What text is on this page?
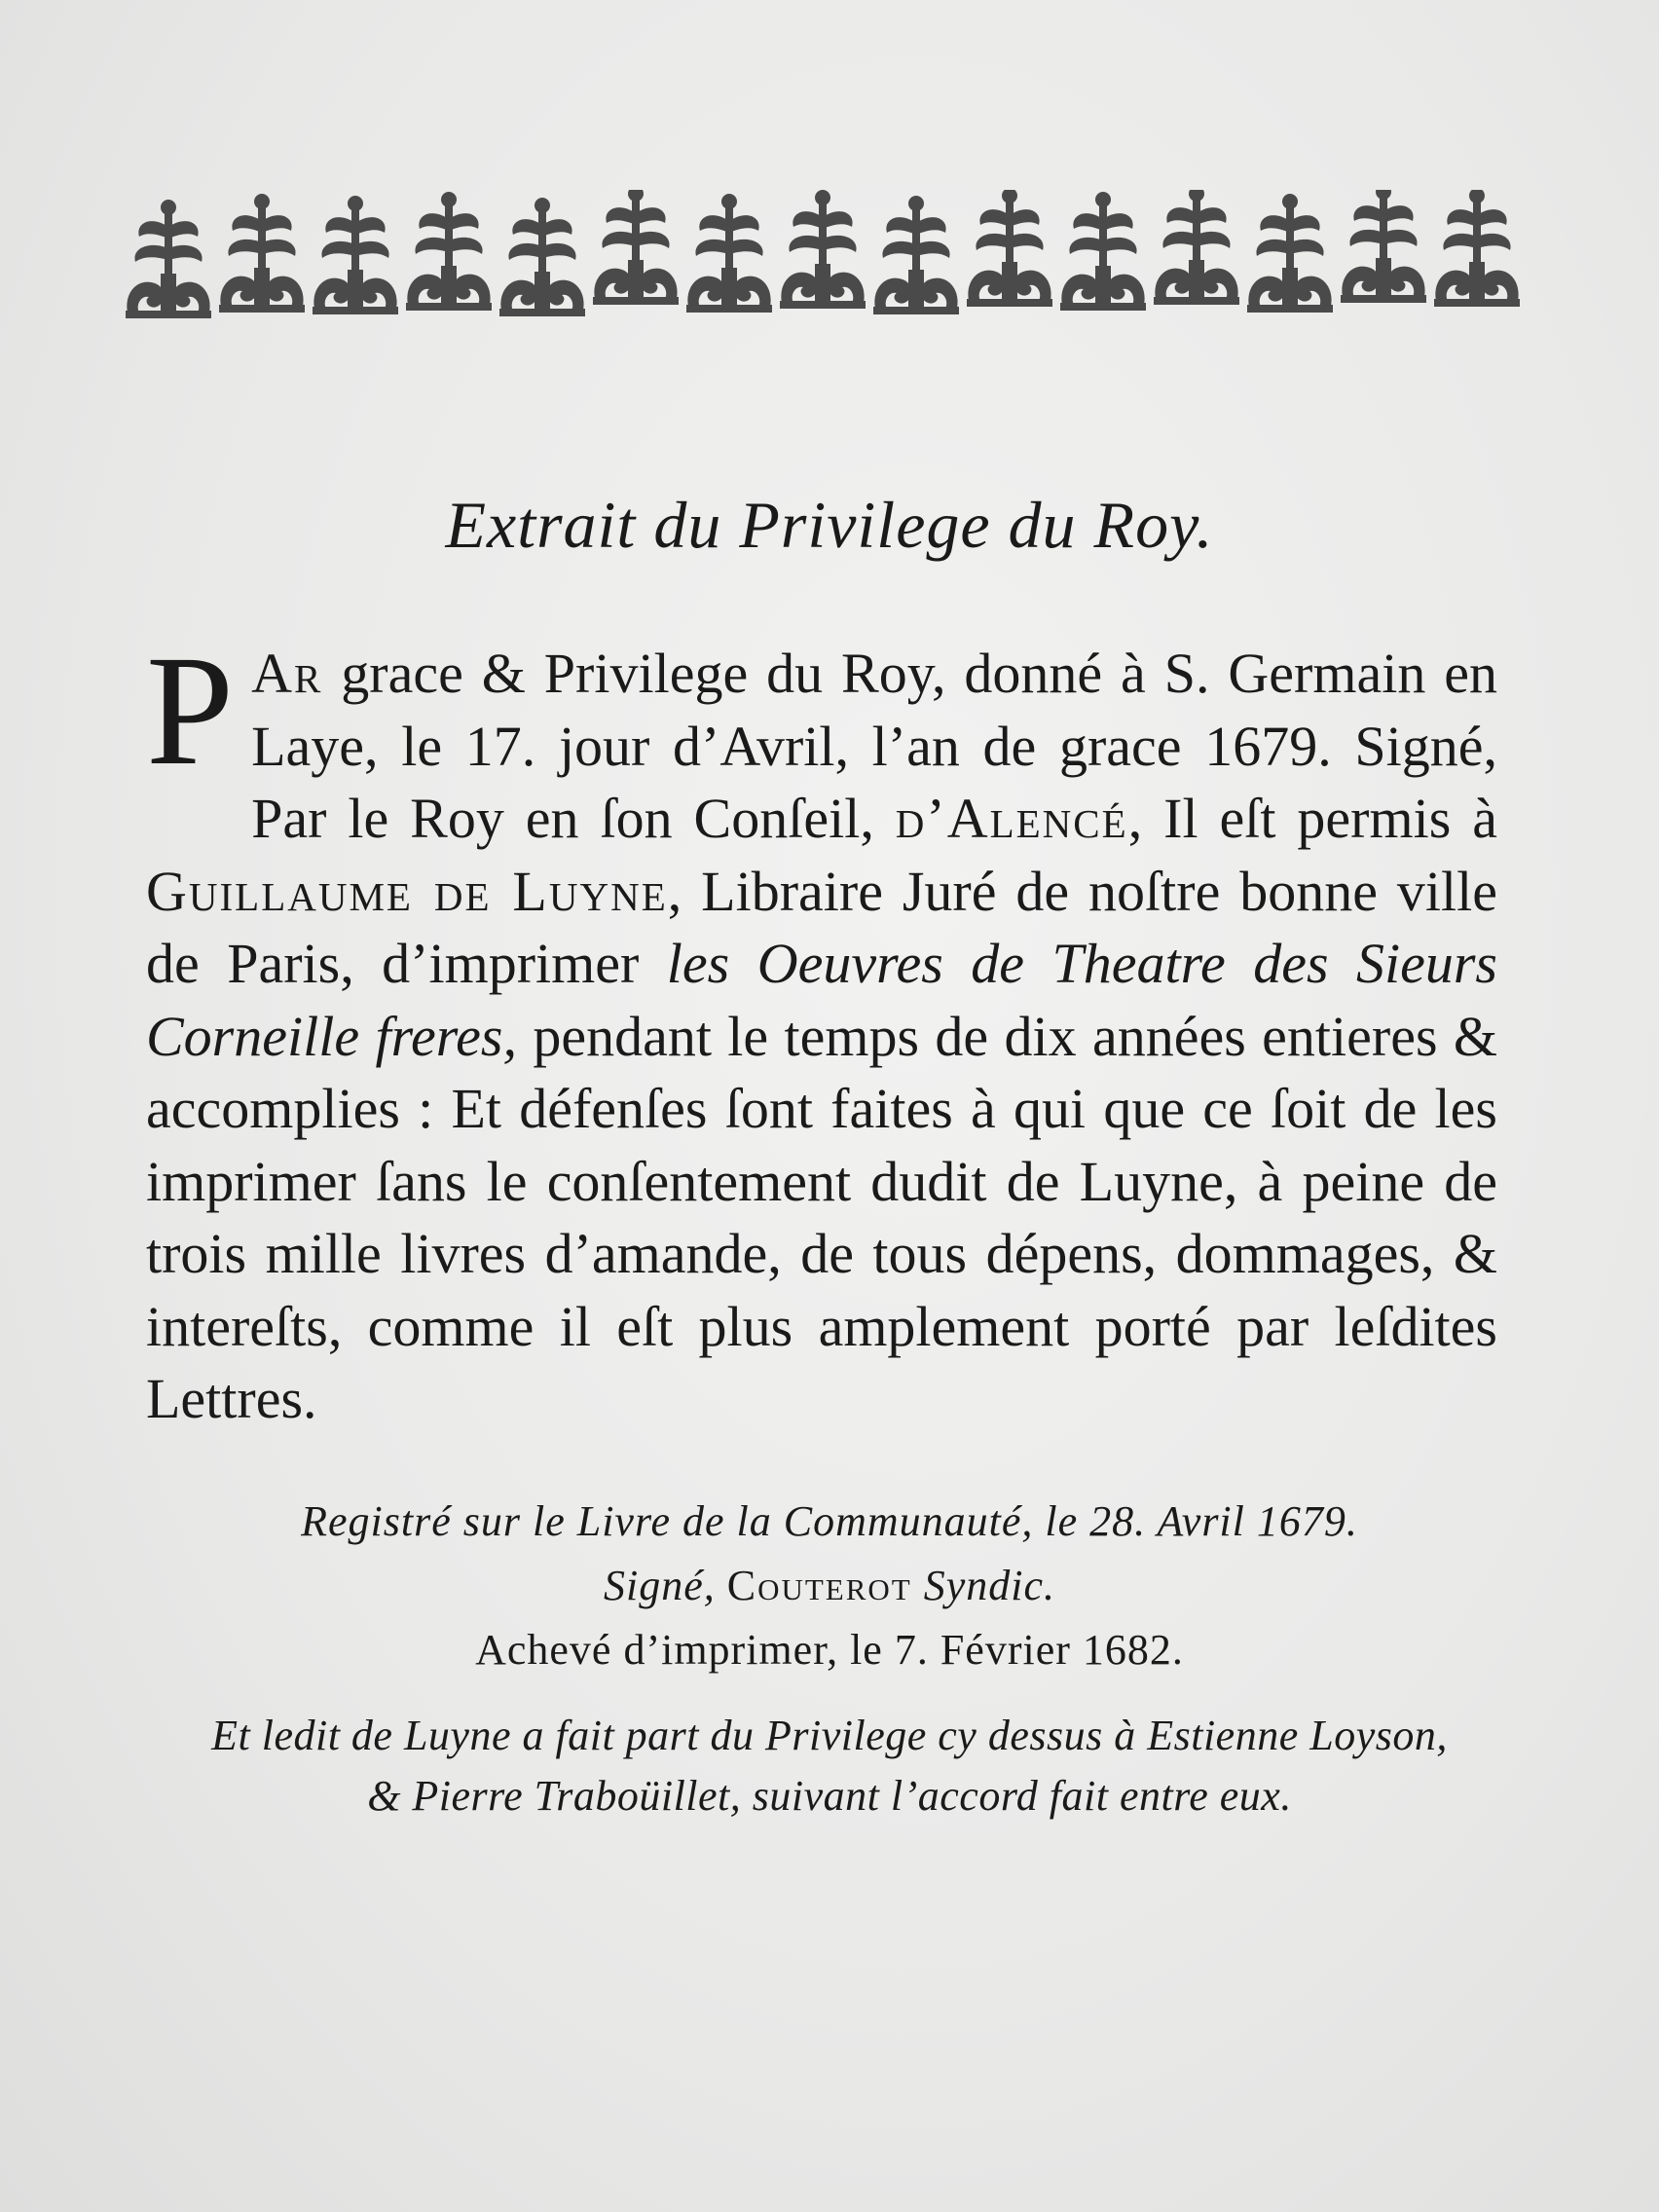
Extrait du Privilege du Roy.
P Ar grace & Privilege du Roy, donné à S. Germain en Laye, le 17. jour d’Avril, l’an de grace 1679. Signé, Par le Roy en ſon Conſeil, d’Alencé, Il eſt permis à Guillaume de Luyne, Libraire Juré de noſtre bonne ville de Paris, d’imprimer les Oeuvres de Theatre des Sieurs Corneille freres, pendant le temps de dix années entieres & accomplies : Et défenſes ſont faites à qui que ce ſoit de les imprimer ſans le conſentement dudit de Luyne, à peine de trois mille livres d’amande, de tous dépens, dommages, & intereſts, comme il eſt plus amplement porté par leſdites Lettres.
Registré sur le Livre de la Communauté, le 28. Avril 1679.
Signé, Couterot Syndic.
Achevé d’imprimer, le 7. Février 1682.
Et ledit de Luyne a fait part du Privilege cy dessus à Estienne Loyson,
& Pierre Traboüillet, suivant l’accord fait entre eux.
